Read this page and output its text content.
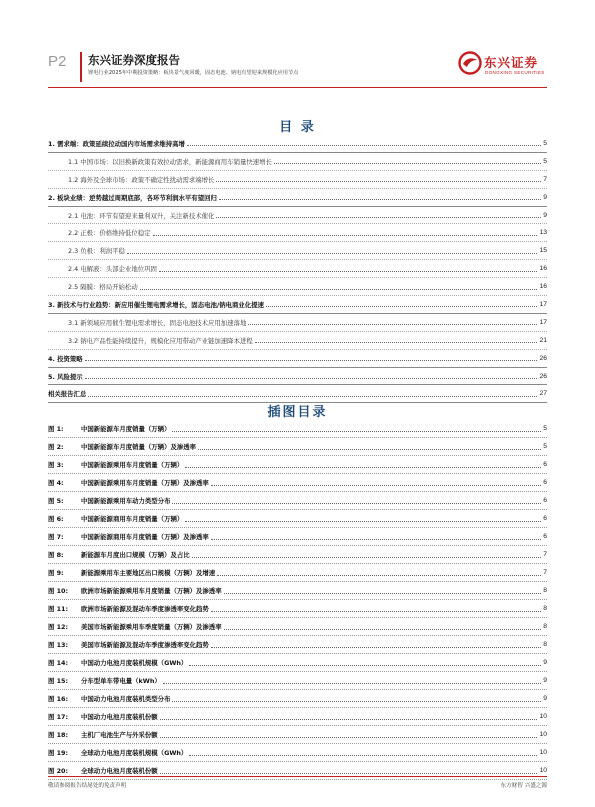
P2 东兴证券深度报告
锂电行业2025年中期投资策略：板块景气度回暖，固态电池、钠电有望迎来规模化应用节点
东兴证券
DONGXING SECURITIES
目 录
1. 需求端：政策延续拉动国内市场需求维持高增	5
1.1 中国市场：以旧换新政策有效拉动需求，新能源商用车销量快速增长	5
1.2 海外及全球市场：政策不确定性扰动需求端增长	7
2. 板块业绩：逆势越过周期底部，各环节利润水平有望回归	9
2.1 电池：环节有望迎来量利双升，关注新技术催化	9
2.2 正极：价格维持低位稳定	13
2.3 负极：利润平稳	15
2.4 电解液：头部企业地位巩固	16
2.5 隔膜：格局开始松动	16
3. 新技术与行业趋势：新应用催生锂电需求增长，固态电池/钠电商业化提速	17
3.1 新领域应用催生锂电需求增长，固态电池技术应用加速落地	17
3.2 钠电产品性能持续提升，规模化应用带动产业链加速降本进程	21
4. 投资策略	26
5. 风险提示	26
相关报告汇总	27
插图目录
图 1:	中国新能源车月度销量（万辆）	5
图 2:	中国新能源车月度销量（万辆）及渗透率	5
图 3:	中国新能源乘用车月度销量（万辆）	6
图 4:	中国新能源乘用车月度销量（万辆）及渗透率	6
图 5:	中国新能源乘用车动力类型分布	6
图 6:	中国新能源商用车月度销量（万辆）	6
图 7:	中国新能源商用车月度销量（万辆）及渗透率	6
图 8:	新能源车月度出口规模（万辆）及占比	7
图 9:	新能源乘用车主要地区出口规模（万辆）及增速	7
图 10:	欧洲市场新能源乘用车月度销量（万辆）及渗透率	8
图 11:	欧洲市场新能源及混动车季度渗透率变化趋势	8
图 12:	美国市场新能源乘用车季度销量（万辆）及渗透率	8
图 13:	美国市场新能源及混动车季度渗透率变化趋势	8
图 14:	中国动力电池月度装机规模（GWh）	9
图 15:	分车型单车带电量（kWh）	9
图 16:	中国动力电池月度装机类型分布	9
图 17:	中国动力电池月度装机份额	10
图 18:	主机厂电池生产与外采份额	10
图 19:	全球动力电池月度装机规模（GWh）	10
图 20:	全球动力电池月度装机份额	10
敬请参阅报告结尾处的免责声明	东方财智 兴盛之源
